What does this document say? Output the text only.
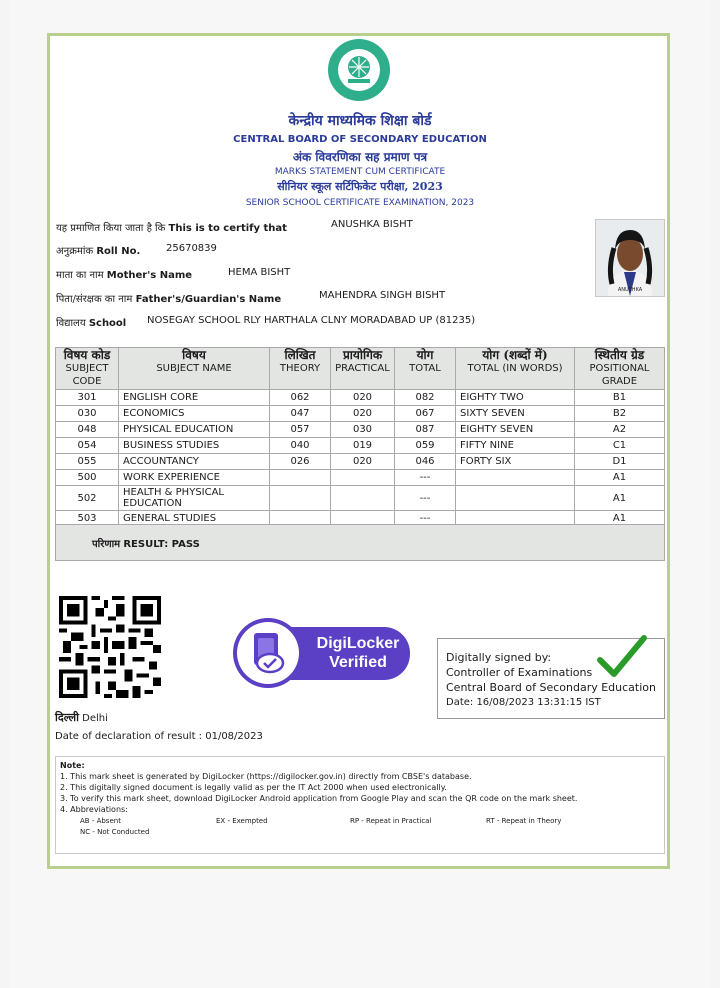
भारत
केन्द्रीय माध्यमिक शिक्षा बोर्ड
CENTRAL BOARD OF SECONDARY EDUCATION
अंक विवरणिका सह प्रमाण पत्र
MARKS STATEMENT CUM CERTIFICATE
सीनियर स्कूल सर्टिफिकेट परीक्षा, 2023
SENIOR SCHOOL CERTIFICATE EXAMINATION, 2023
यह प्रमाणित किया जाता है कि This is to certify that	ANUSHKA BISHT
अनुक्रमांक Roll No.	25670839
माता का नाम Mother's Name	HEMA BISHT
पिता/संरक्षक का नाम Father's/Guardian's Name	MAHENDRA SINGH BISHT
विद्यालय School NOSEGAY SCHOOL RLY HARTHALA CLNY MORADABAD UP (81235)
ANUSHKA
विषय कोड
SUBJECT
CODE	विषय
SUBJECT NAME	लिखित
THEORY	प्रायोगिक
PRACTICAL	योग
TOTAL	योग (शब्दों में)
TOTAL (IN WORDS)	स्थितीय ग्रेड
POSITIONAL
GRADE
301	ENGLISH CORE	062	020	082	EIGHTY TWO	B1
030	ECONOMICS	047	020	067	SIXTY SEVEN	B2
048	PHYSICAL EDUCATION	057	030	087	EIGHTY SEVEN	A2
054	BUSINESS STUDIES	040	019	059	FIFTY NINE	C1
055	ACCOUNTANCY	026	020	046	FORTY SIX	D1
500	WORK EXPERIENCE			---		A1
502	HEALTH & PHYSICAL EDUCATION			---		A1
503	GENERAL STUDIES			---		A1
परिणाम RESULT: PASS
DigiLocker
Verified	Digitally signed by:
Controller of Examinations
Central Board of Secondary Education
Date: 16/08/2023 13:31:15 IST
दिल्ली Delhi
Date of declaration of result : 01/08/2023
Note:
1. This mark sheet is generated by DigiLocker (https://digilocker.gov.in) directly from CBSE's database.
2. This digitally signed document is legally valid as per the IT Act 2000 when used electronically.
3. To verify this mark sheet, download DigiLocker Android application from Google Play and scan the QR code on the mark sheet.
4. Abbreviations:
AB - Absent	EX - Exempted	RP - Repeat in Practical	RT - Repeat in Theory
NC - Not Conducted
